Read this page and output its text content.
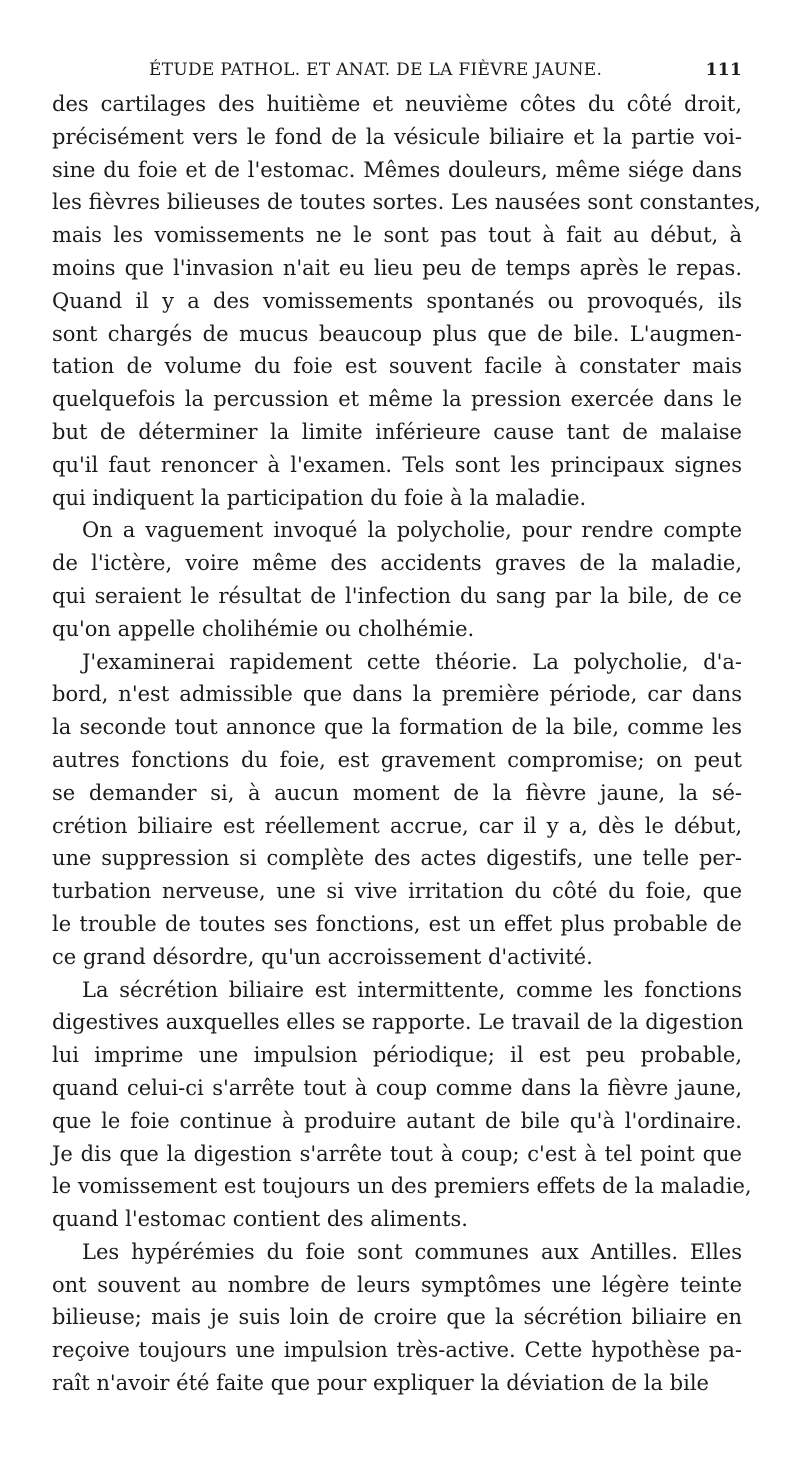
ÉTUDE PATHOL. ET ANAT. DE LA FIÈVRE JAUNE.	111

des cartilages des huitième et neuvième côtes du côté droit,
précisément vers le fond de la vésicule biliaire et la partie voi-
sine du foie et de l'estomac. Mêmes douleurs, même siége dans
les fièvres bilieuses de toutes sortes. Les nausées sont constantes,
mais les vomissements ne le sont pas tout à fait au début, à
moins que l'invasion n'ait eu lieu peu de temps après le repas.
Quand il y a des vomissements spontanés ou provoqués, ils
sont chargés de mucus beaucoup plus que de bile. L'augmen-
tation de volume du foie est souvent facile à constater mais
quelquefois la percussion et même la pression exercée dans le
but de déterminer la limite inférieure cause tant de malaise
qu'il faut renoncer à l'examen. Tels sont les principaux signes
qui indiquent la participation du foie à la maladie.

On a vaguement invoqué la polycholie, pour rendre compte
de l'ictère, voire même des accidents graves de la maladie,
qui seraient le résultat de l'infection du sang par la bile, de ce
qu'on appelle cholihémie ou cholhémie.

J'examinerai rapidement cette théorie. La polycholie, d'a-
bord, n'est admissible que dans la première période, car dans
la seconde tout annonce que la formation de la bile, comme les
autres fonctions du foie, est gravement compromise; on peut
se demander si, à aucun moment de la fièvre jaune, la sé-
crétion biliaire est réellement accrue, car il y a, dès le début,
une suppression si complète des actes digestifs, une telle per-
turbation nerveuse, une si vive irritation du côté du foie, que
le trouble de toutes ses fonctions, est un effet plus probable de
ce grand désordre, qu'un accroissement d'activité.

La sécrétion biliaire est intermittente, comme les fonctions
digestives auxquelles elles se rapporte. Le travail de la digestion
lui imprime une impulsion périodique; il est peu probable,
quand celui-ci s'arrête tout à coup comme dans la fièvre jaune,
que le foie continue à produire autant de bile qu'à l'ordinaire.
Je dis que la digestion s'arrête tout à coup; c'est à tel point que
le vomissement est toujours un des premiers effets de la maladie,
quand l'estomac contient des aliments.

Les hypérémies du foie sont communes aux Antilles. Elles
ont souvent au nombre de leurs symptômes une légère teinte
bilieuse; mais je suis loin de croire que la sécrétion biliaire en
reçoive toujours une impulsion très-active. Cette hypothèse pa-
raît n'avoir été faite que pour expliquer la déviation de la bile
